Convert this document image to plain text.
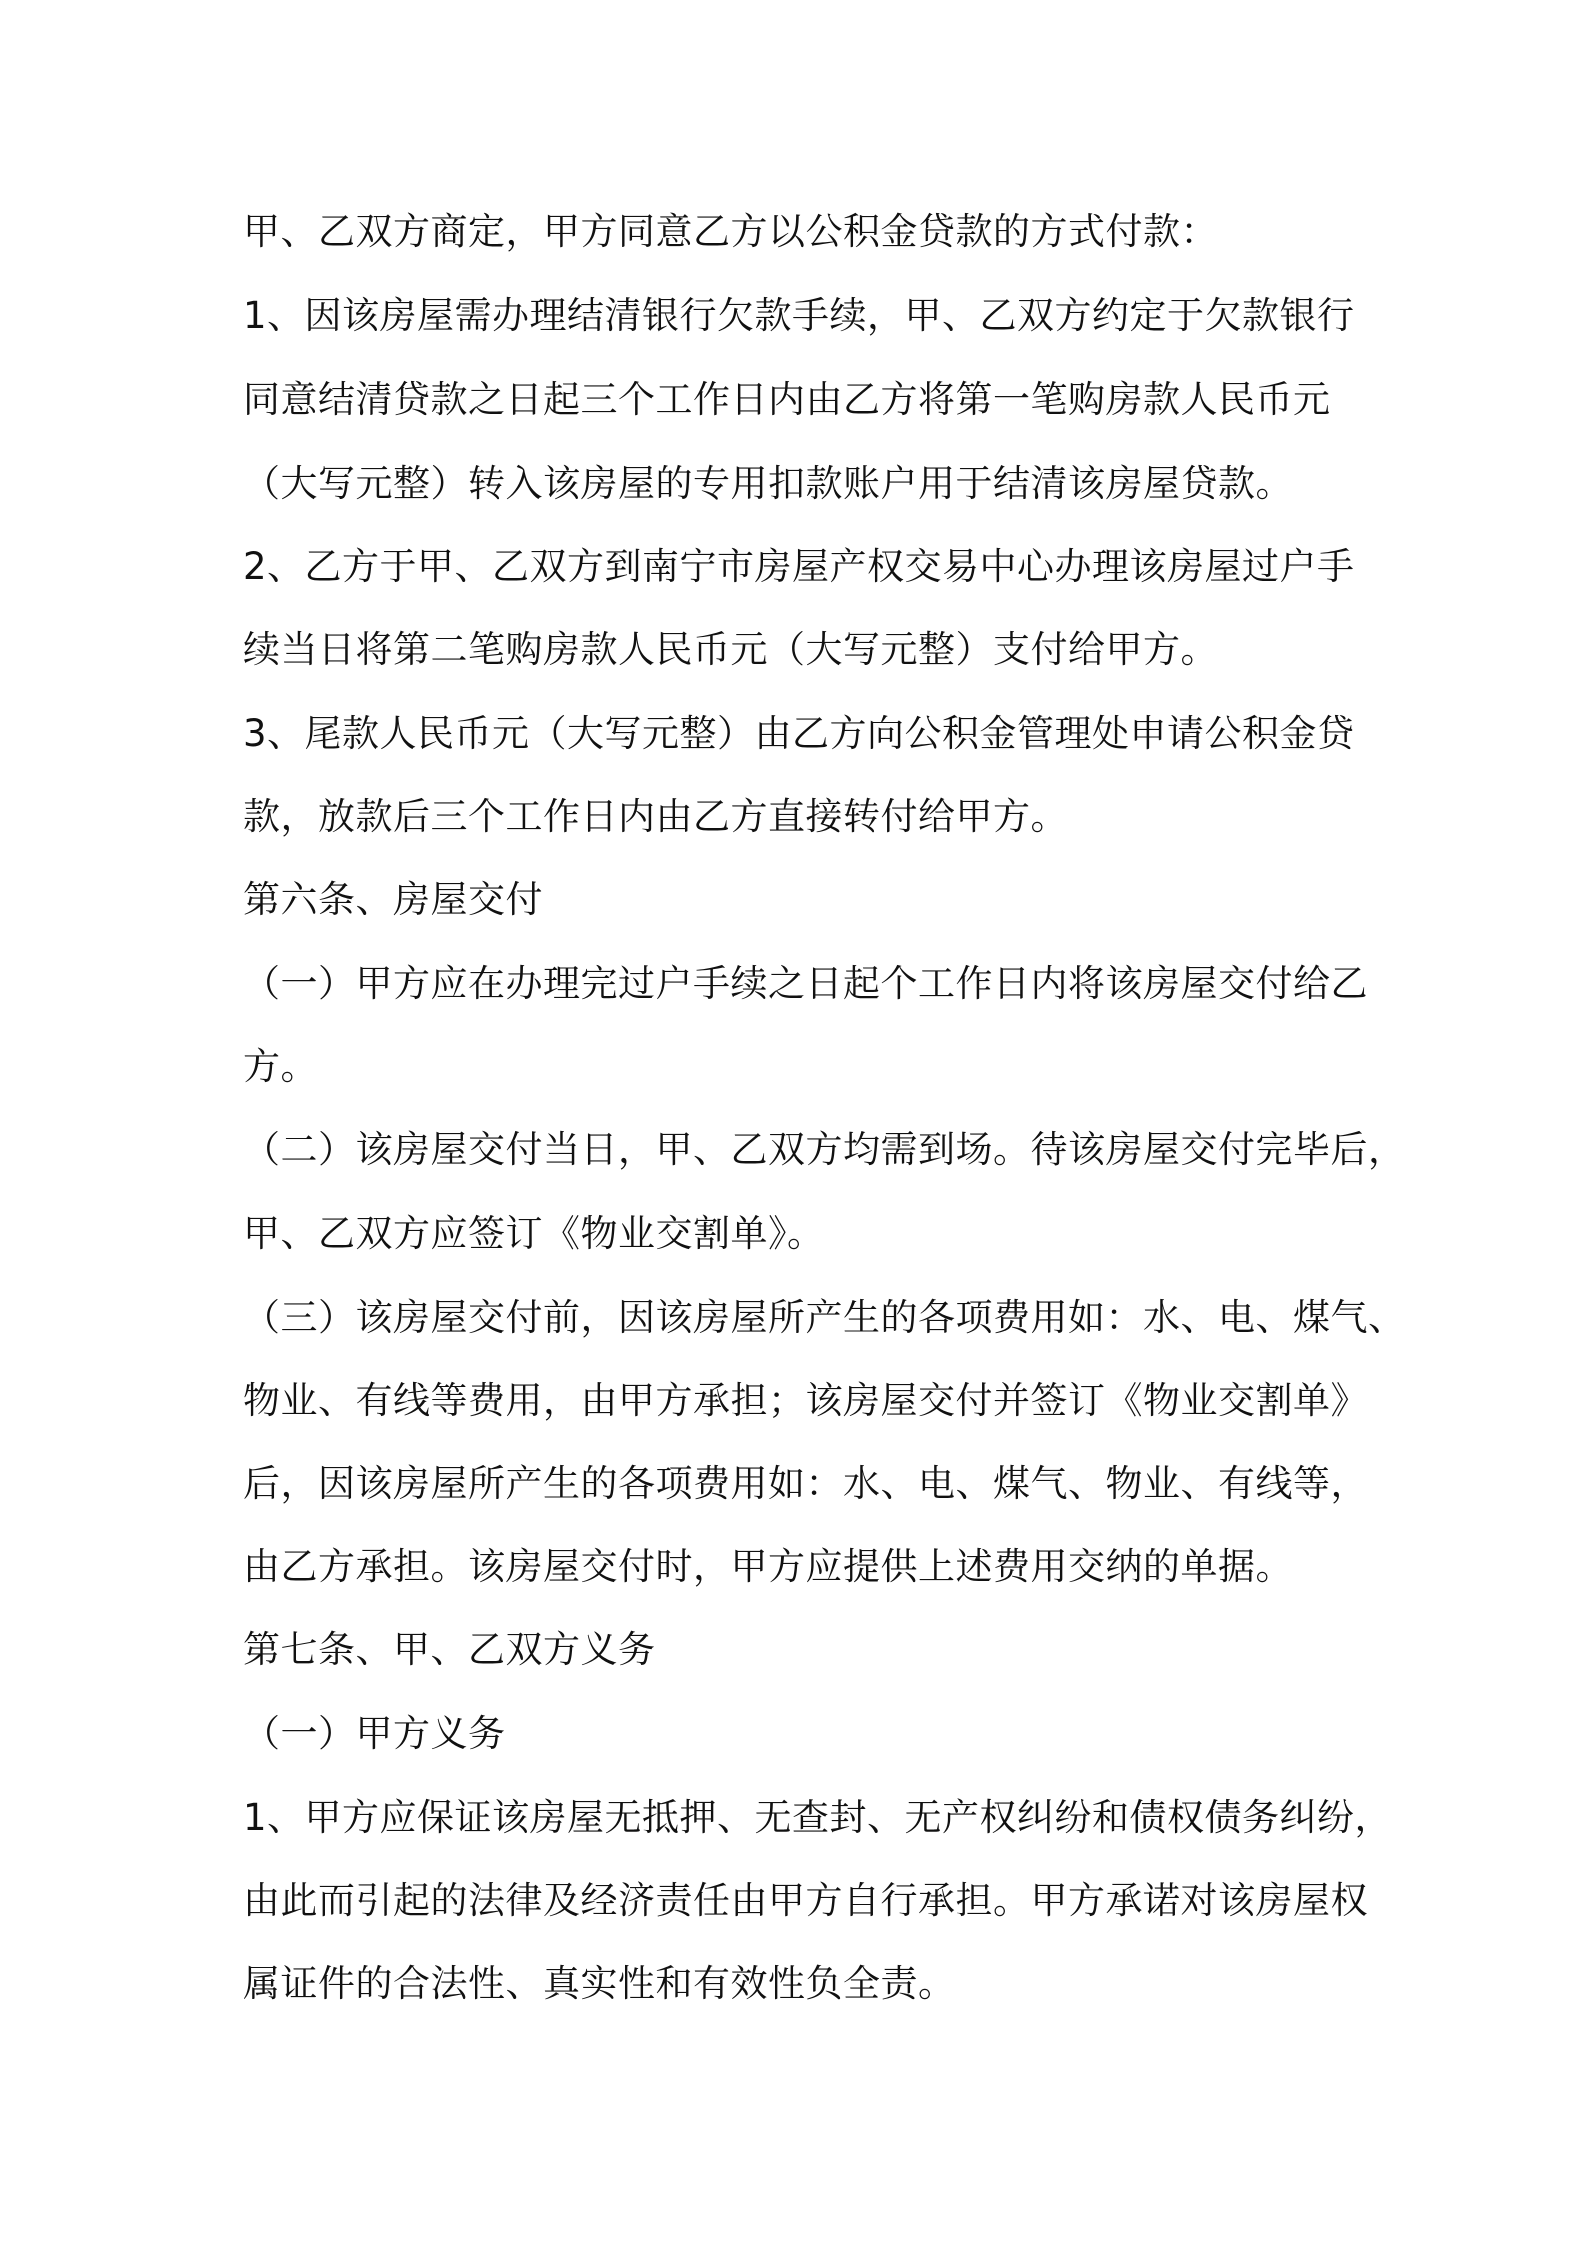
甲、乙双方商定，甲方同意乙方以公积金贷款的方式付款：
1、因该房屋需办理结清银行欠款手续，甲、乙双方约定于欠款银行
同意结清贷款之日起三个工作日内由乙方将第一笔购房款人民币元
（大写元整）转入该房屋的专用扣款账户用于结清该房屋贷款。
2、乙方于甲、乙双方到南宁市房屋产权交易中心办理该房屋过户手
续当日将第二笔购房款人民币元（大写元整）支付给甲方。
3、尾款人民币元（大写元整）由乙方向公积金管理处申请公积金贷
款，放款后三个工作日内由乙方直接转付给甲方。
第六条、房屋交付
（一）甲方应在办理完过户手续之日起个工作日内将该房屋交付给乙
方。
（二）该房屋交付当日，甲、乙双方均需到场。待该房屋交付完毕后，
甲、乙双方应签订《物业交割单》。
（三）该房屋交付前，因该房屋所产生的各项费用如：水、电、煤气、
物业、有线等费用，由甲方承担；该房屋交付并签订《物业交割单》
后，因该房屋所产生的各项费用如：水、电、煤气、物业、有线等，
由乙方承担。该房屋交付时，甲方应提供上述费用交纳的单据。
第七条、甲、乙双方义务
（一）甲方义务
1、甲方应保证该房屋无抵押、无查封、无产权纠纷和债权债务纠纷，
由此而引起的法律及经济责任由甲方自行承担。甲方承诺对该房屋权
属证件的合法性、真实性和有效性负全责。
